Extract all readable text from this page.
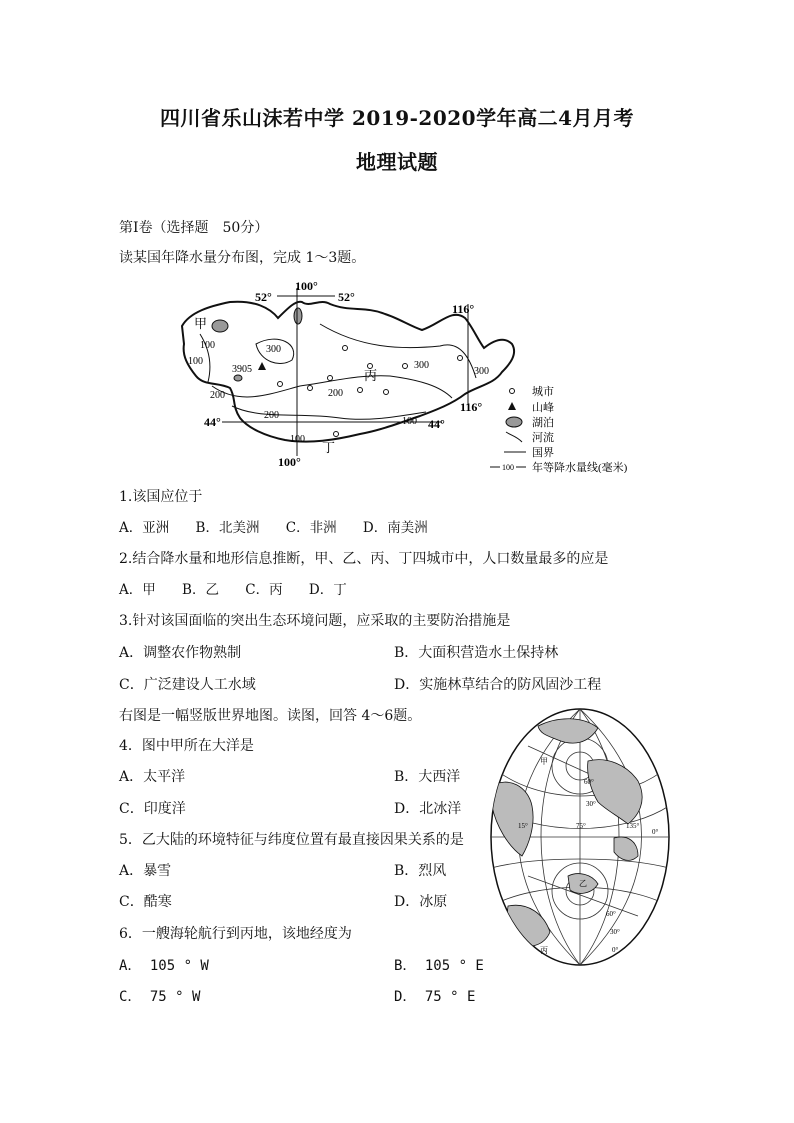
四川省乐山沫若中学 2019-2020学年高二4月月考
地理试题
第Ⅰ卷（选择题　50分）
读某国年降水量分布图，完成 1～3题。
100°
52°	52°
116°
116°
44°	44°
100°
甲
丙
丁
300
300
300
200
200
200
100
100
100
100
3905
城市
山峰
湖泊
河流
国界
100 年等降水量线(毫米)
1.该国应位于
A．亚洲 B．北美洲 C．非洲 D．南美洲
2.结合降水量和地形信息推断，甲、乙、丙、丁四城市中，人口数量最多的应是
A．甲 B．乙 C．丙 D．丁
3.针对该国面临的突出生态环境问题，应采取的主要防治措施是
A．调整农作物熟制	B．大面积营造水土保持林
C．广泛建设人工水域	D．实施林草结合的防风固沙工程
右图是一幅竖版世界地图。读图，回答 4～6题。
4．图中甲所在大洋是
A．太平洋	B．大西洋
C．印度洋	D．北冰洋
5．乙大陆的环境特征与纬度位置有最直接因果关系的是
A．暴雪	B．烈风
C．酷寒	D．冰原
6．一艘海轮航行到丙地，该地经度为
A． 105 ° W	B． 105 ° E
C． 75 ° W	D． 75 ° E
甲
乙
丙
60°
30°
15°	75°	135°
0°
60°
30°
0°
